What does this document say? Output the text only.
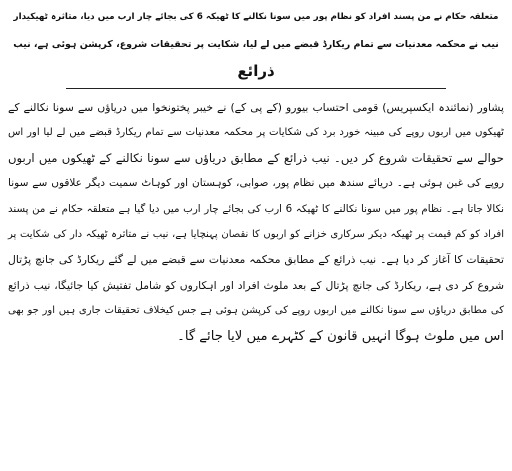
متعلقہ حکام نے من پسند افراد کو نظام پور میں سونا نکالنے کا ٹھیکہ 6 کی بجائے چار ارب میں دیا، متاثرہ ٹھیکیدار
نیب نے محکمہ معدنیات سے تمام ریکارڈ قبضے میں لے لیا، شکایت پر تحقیقات شروع، کرپشن ہوئی ہے، نیب
ذرائع
پشاور (نمائندہ ایکسپریس) قومی احتساب بیورو (کے پی کے) نے خیبر پختونخوا میں دریاؤں سے سونا نکالنے کے
ٹھیکوں میں اربوں روپے کی مبینہ خورد برد کی شکایات پر محکمہ معدنیات سے تمام ریکارڈ قبضے میں لے لیا اور اس
حوالے سے تحقیقات شروع کر دیں۔ نیب ذرائع کے مطابق دریاؤں سے سونا نکالنے کے ٹھیکوں میں اربوں
روپے کی غبن ہوئی ہے۔ دریائے سندھ میں نظام پور، صوابی، کوہستان اور کوہاٹ سمیت دیگر علاقوں سے سونا
نکالا جاتا ہے۔ نظام پور میں سونا نکالنے کا ٹھیکہ 6 ارب کی بجائے چار ارب میں دیا گیا ہے متعلقہ حکام نے من پسند
افراد کو کم قیمت پر ٹھیکہ دیکر سرکاری خزانے کو اربوں کا نقصان پہنچایا ہے، نیب نے متاثرہ ٹھیکہ دار کی شکایت پر
تحقیقات کا آغاز کر دیا ہے۔ نیب ذرائع کے مطابق محکمہ معدنیات سے قبضے میں لے گئے ریکارڈ کی جانچ پڑتال
شروع کر دی ہے، ریکارڈ کی جانچ پڑتال کے بعد ملوث افراد اور اہکاروں کو شامل تفتیش کیا جائیگا، نیب ذرائع
کی مطابق دریاؤں سے سونا نکالنے میں اربوں روپے کی کرپشن ہوئی ہے جس کیخلاف تحقیقات جاری ہیں اور جو بھی
اس میں ملوث ہوگا انہیں قانون کے کٹہرے میں لایا جائے گا۔
